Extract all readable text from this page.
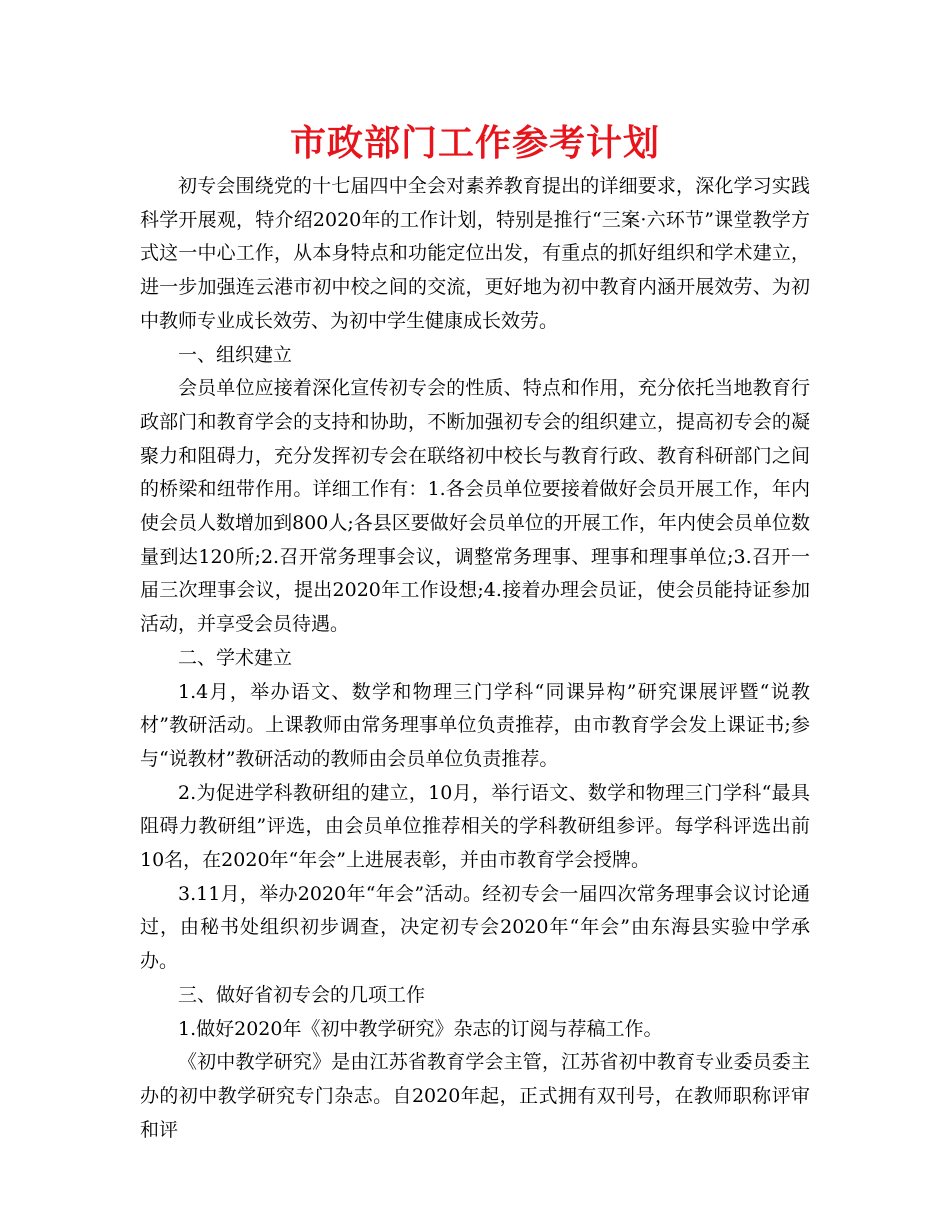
市政部门工作参考计划

初专会围绕党的十七届四中全会对素养教育提出的详细要求，深化学习实践科学开展观，特介绍2020年的工作计划，特别是推行“三案·六环节”课堂教学方式这一中心工作，从本身特点和功能定位出发，有重点的抓好组织和学术建立，进一步加强连云港市初中校之间的交流，更好地为初中教育内涵开展效劳、为初中教师专业成长效劳、为初中学生健康成长效劳。

一、组织建立

会员单位应接着深化宣传初专会的性质、特点和作用，充分依托当地教育行政部门和教育学会的支持和协助，不断加强初专会的组织建立，提高初专会的凝聚力和阻碍力，充分发挥初专会在联络初中校长与教育行政、教育科研部门之间的桥梁和纽带作用。详细工作有：1.各会员单位要接着做好会员开展工作，年内使会员人数增加到800人;各县区要做好会员单位的开展工作，年内使会员单位数量到达120所;2.召开常务理事会议，调整常务理事、理事和理事单位;3.召开一届三次理事会议，提出2020年工作设想;4.接着办理会员证，使会员能持证参加活动，并享受会员待遇。

二、学术建立

1.4月，举办语文、数学和物理三门学科“同课异构”研究课展评暨“说教材”教研活动。上课教师由常务理事单位负责推荐，由市教育学会发上课证书;参与“说教材”教研活动的教师由会员单位负责推荐。

2.为促进学科教研组的建立，10月，举行语文、数学和物理三门学科“最具阻碍力教研组”评选，由会员单位推荐相关的学科教研组参评。每学科评选出前10名，在2020年“年会”上进展表彰，并由市教育学会授牌。

3.11月，举办2020年“年会”活动。经初专会一届四次常务理事会议讨论通过，由秘书处组织初步调查，决定初专会2020年“年会”由东海县实验中学承办。

三、做好省初专会的几项工作

1.做好2020年《初中教学研究》杂志的订阅与荐稿工作。

《初中教学研究》是由江苏省教育学会主管，江苏省初中教育专业委员委主办的初中教学研究专门杂志。自2020年起，正式拥有双刊号，在教师职称评审和评
